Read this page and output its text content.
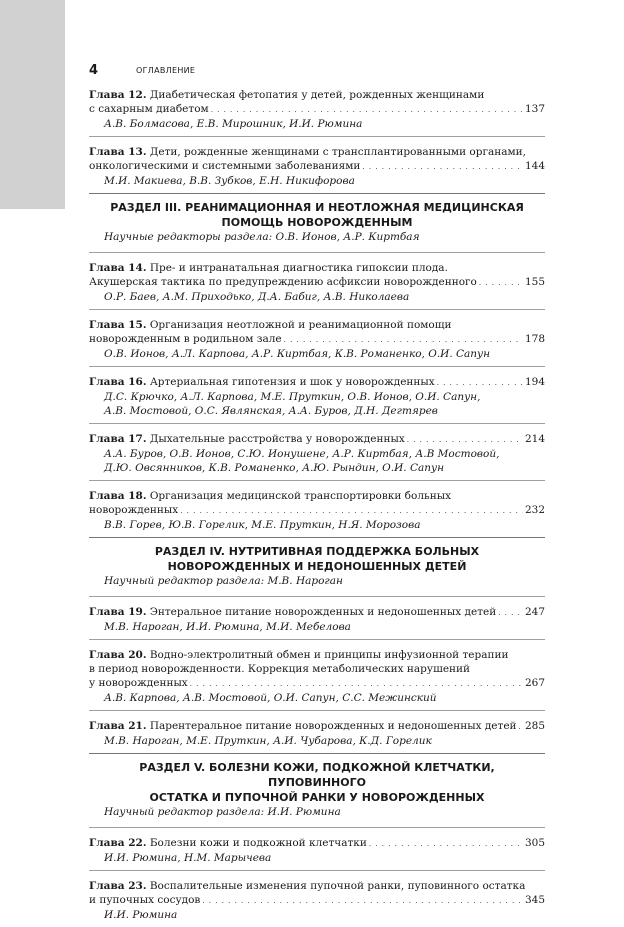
4	ОГЛАВЛЕНИЕ
Глава 12.
Диабетическая фетопатия у детей, рожденных женщинами
с сахарным диабетом . . .	137
А.В. Болмасова, Е.В. Мирошник, И.И. Рюмина
Глава 13.
Дети, рожденные женщинами с трансплантированными органами,
онкологическими и системными заболеваниями . . .	144
М.И. Макиева, В.В. Зубков, Е.Н. Никифорова
РАЗДЕЛ III. РЕАНИМАЦИОННАЯ И НЕОТЛОЖНАЯ МЕДИЦИНСКАЯ
ПОМОЩЬ НОВОРОЖДЕННЫМ
Научные редакторы раздела: О.В. Ионов, А.Р. Киртбая
Глава 14.
Пре- и интранатальная диагностика гипоксии плода.
Акушерская тактика по предупреждению асфиксии новорожденного . . .	155
О.Р. Баев, А.М. Приходько, Д.А. Бабиг, А.В. Николаева
Глава 15.
Организация неотложной и реанимационной помощи
новорожденным в родильном зале . . .	178
О.В. Ионов, А.Л. Карпова, А.Р. Киртбая, К.В. Романенко, О.И. Сапун
Глава 16.
Артериальная гипотензия и шок у новорожденных . . .	194
Д.С. Крючко, А.Л. Карпова, М.Е. Пруткин, О.В. Ионов, О.И. Сапун,
А.В. Мостовой, О.С. Являнская, А.А. Буров, Д.Н. Дегтярев
Глава 17.
Дыхательные расстройства у новорожденных . . .	214
А.А. Буров, О.В. Ионов, С.Ю. Ионушене, А.Р. Киртбая, А.В Мостовой,
Д.Ю. Овсянников, К.В. Романенко, А.Ю. Рындин, О.И. Сапун
Глава 18.
Организация медицинской транспортировки больных
новорожденных . . .	232
В.В. Горев, Ю.В. Горелик, М.Е. Пруткин, Н.Я. Морозова
РАЗДЕЛ IV. НУТРИТИВНАЯ ПОДДЕРЖКА БОЛЬНЫХ
НОВОРОЖДЕННЫХ И НЕДОНОШЕННЫХ ДЕТЕЙ
Научный редактор раздела: М.В. Нароган
Глава 19.
Энтеральное питание новорожденных и недоношенных детей . . .	247
М.В. Нароган, И.И. Рюмина, М.И. Мебелова
Глава 20.
Водно-электролитный обмен и принципы инфузионной терапии
в период новорожденности. Коррекция метаболических нарушений
у новорожденных . . .	267
А.В. Карпова, А.В. Мостовой, О.И. Сапун, С.С. Межинский
Глава 21.
Парентеральное питание новорожденных и недоношенных детей . . . 285
М.В. Нароган, М.Е. Пруткин, А.И. Чубарова, К.Д. Горелик
РАЗДЕЛ V. БОЛЕЗНИ КОЖИ, ПОДКОЖНОЙ КЛЕТЧАТКИ, ПУПОВИННОГО
ОСТАТКА И ПУПОЧНОЙ РАНКИ У НОВОРОЖДЕННЫХ
Научный редактор раздела: И.И. Рюмина
Глава 22.
Болезни кожи и подкожной клетчатки . . .	305
И.И. Рюмина, Н.М. Марычева
Глава 23.
Воспалительные изменения пупочной ранки, пуповинного остатка
и пупочных сосудов . . .	345
И.И. Рюмина
